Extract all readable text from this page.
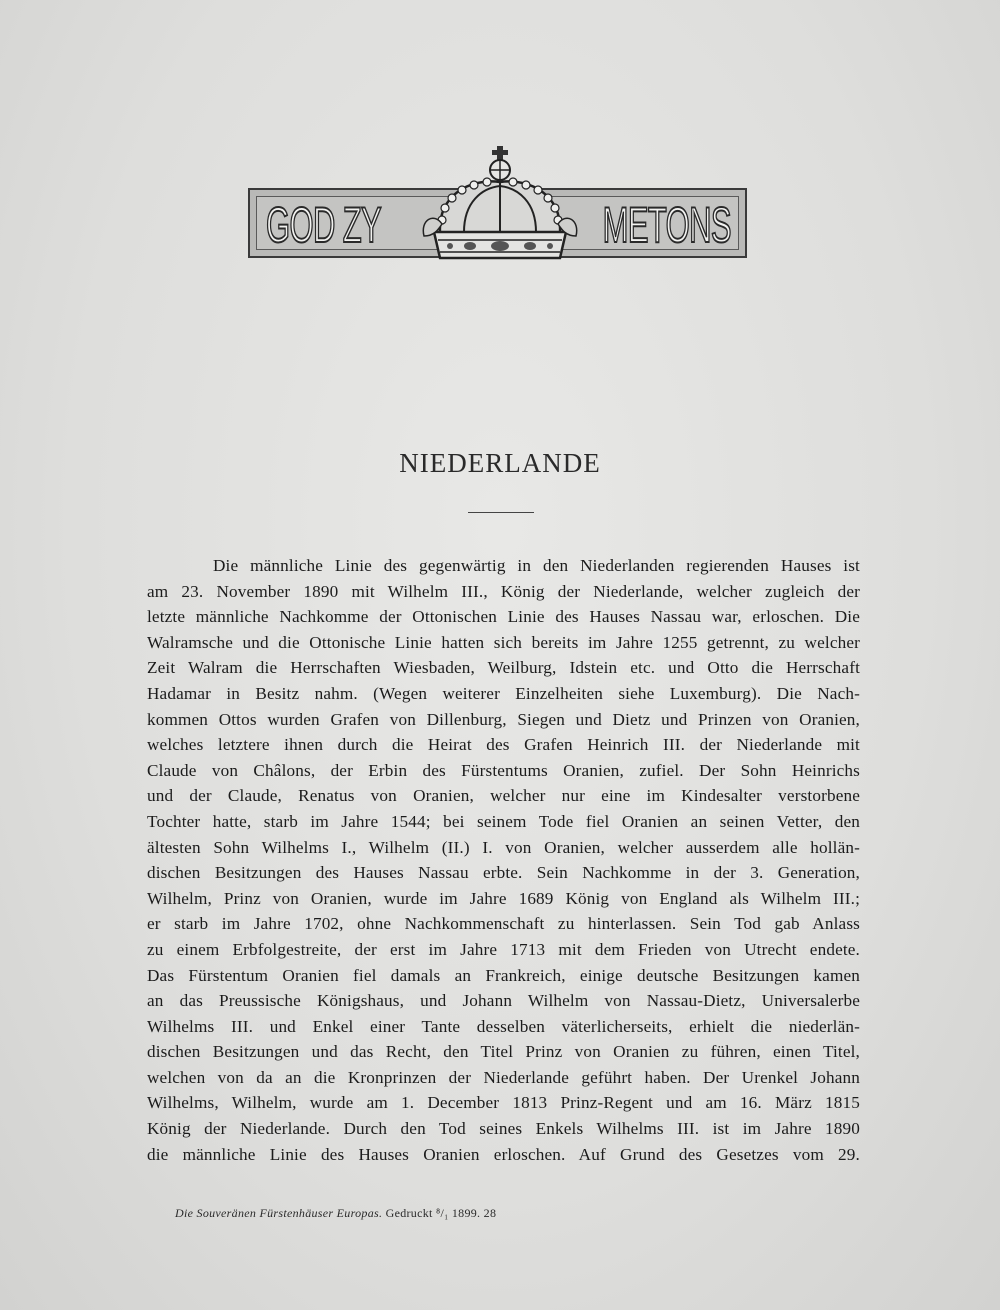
GOD ZY	METONS
NIEDERLANDE
Die männliche Linie des gegenwärtig in den Niederlanden regierenden Hauses ist
am 23. November 1890 mit Wilhelm III., König der Niederlande, welcher zugleich der
letzte männliche Nachkomme der Ottonischen Linie des Hauses Nassau war, erloschen. Die
Walramsche und die Ottonische Linie hatten sich bereits im Jahre 1255 getrennt, zu welcher
Zeit Walram die Herrschaften Wiesbaden, Weilburg, Idstein etc. und Otto die Herrschaft
Hadamar in Besitz nahm. (Wegen weiterer Einzelheiten siehe Luxemburg). Die Nach-
kommen Ottos wurden Grafen von Dillenburg, Siegen und Dietz und Prinzen von Oranien,
welches letztere ihnen durch die Heirat des Grafen Heinrich III. der Niederlande mit
Claude von Châlons, der Erbin des Fürstentums Oranien, zufiel. Der Sohn Heinrichs
und der Claude, Renatus von Oranien, welcher nur eine im Kindesalter verstorbene
Tochter hatte, starb im Jahre 1544; bei seinem Tode fiel Oranien an seinen Vetter, den
ältesten Sohn Wilhelms I., Wilhelm (II.) I. von Oranien, welcher ausserdem alle hollän-
dischen Besitzungen des Hauses Nassau erbte. Sein Nachkomme in der 3. Generation,
Wilhelm, Prinz von Oranien, wurde im Jahre 1689 König von England als Wilhelm III.;
er starb im Jahre 1702, ohne Nachkommenschaft zu hinterlassen. Sein Tod gab Anlass
zu einem Erbfolgestreite, der erst im Jahre 1713 mit dem Frieden von Utrecht endete.
Das Fürstentum Oranien fiel damals an Frankreich, einige deutsche Besitzungen kamen
an das Preussische Königshaus, und Johann Wilhelm von Nassau-Dietz, Universalerbe
Wilhelms III. und Enkel einer Tante desselben väterlicherseits, erhielt die niederlän-
dischen Besitzungen und das Recht, den Titel Prinz von Oranien zu führen, einen Titel,
welchen von da an die Kronprinzen der Niederlande geführt haben. Der Urenkel Johann
Wilhelms, Wilhelm, wurde am 1. December 1813 Prinz-Regent und am 16. März 1815
König der Niederlande. Durch den Tod seines Enkels Wilhelms III. ist im Jahre 1890
die männliche Linie des Hauses Oranien erloschen. Auf Grund des Gesetzes vom 29.
Die Souveränen Fürstenhäuser Europas. Gedruckt ⁸/₁ 1899. 28
